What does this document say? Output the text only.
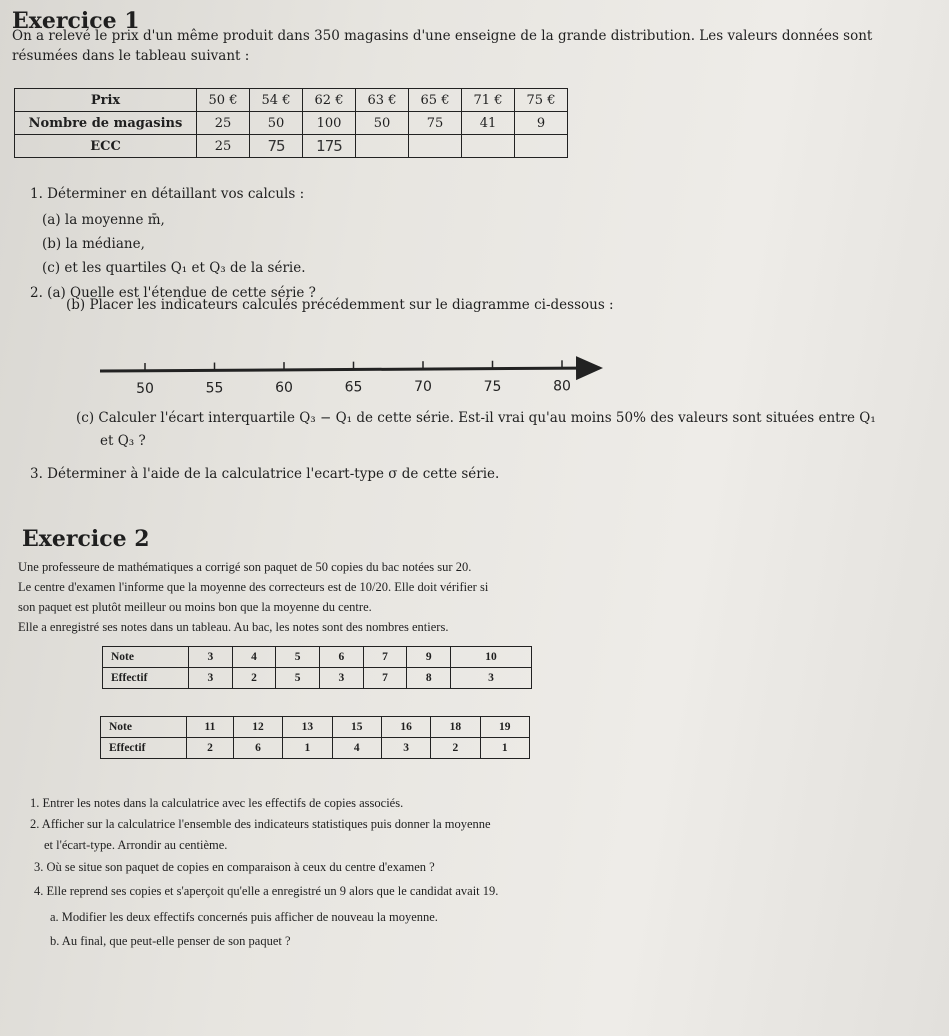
Exercice 1

On a relevé le prix d'un même produit dans 350 magasins d'une enseigne de la grande distribution. Les valeurs données sont résumées dans le tableau suivant :

Prix	50 €	54 €	62 €	63 €	65 €	71 €	75 €
Nombre de magasins	25	50	100	50	75	41	9
ECC	25	75	175				
1. Déterminer en détaillant vos calculs :
(a) la moyenne m̄,
(b) la médiane,
(c) et les quartiles Q₁ et Q₃ de la série.
2. (a) Quelle est l'étendue de cette série ?
(b) Placer les indicateurs calculés précédemment sur le diagramme ci-dessous :
50	55	60	65	70	75	80
(c) Calculer l'écart interquartile Q₃ − Q₁ de cette série. Est-il vrai qu'au moins 50% des valeurs sont situées entre Q₁
et Q₃ ?
3. Déterminer à l'aide de la calculatrice l'ecart-type σ de cette série.
Exercice 2
Une professeure de mathématiques a corrigé son paquet de 50 copies du bac notées sur 20.
Le centre d'examen l'informe que la moyenne des correcteurs est de 10/20. Elle doit vérifier si
son paquet est plutôt meilleur ou moins bon que la moyenne du centre.
Elle a enregistré ses notes dans un tableau. Au bac, les notes sont des nombres entiers.
Note	3	4	5	6	7	9	10
Effectif	3	2	5	3	7	8	3
Note	11	12	13	15	16	18	19
Effectif	2	6	1	4	3	2	1
1. Entrer les notes dans la calculatrice avec les effectifs de copies associés.
2. Afficher sur la calculatrice l'ensemble des indicateurs statistiques puis donner la moyenne
et l'écart-type. Arrondir au centième.
3. Où se situe son paquet de copies en comparaison à ceux du centre d'examen ?
4. Elle reprend ses copies et s'aperçoit qu'elle a enregistré un 9 alors que le candidat avait 19.
a. Modifier les deux effectifs concernés puis afficher de nouveau la moyenne.
b. Au final, que peut-elle penser de son paquet ?
